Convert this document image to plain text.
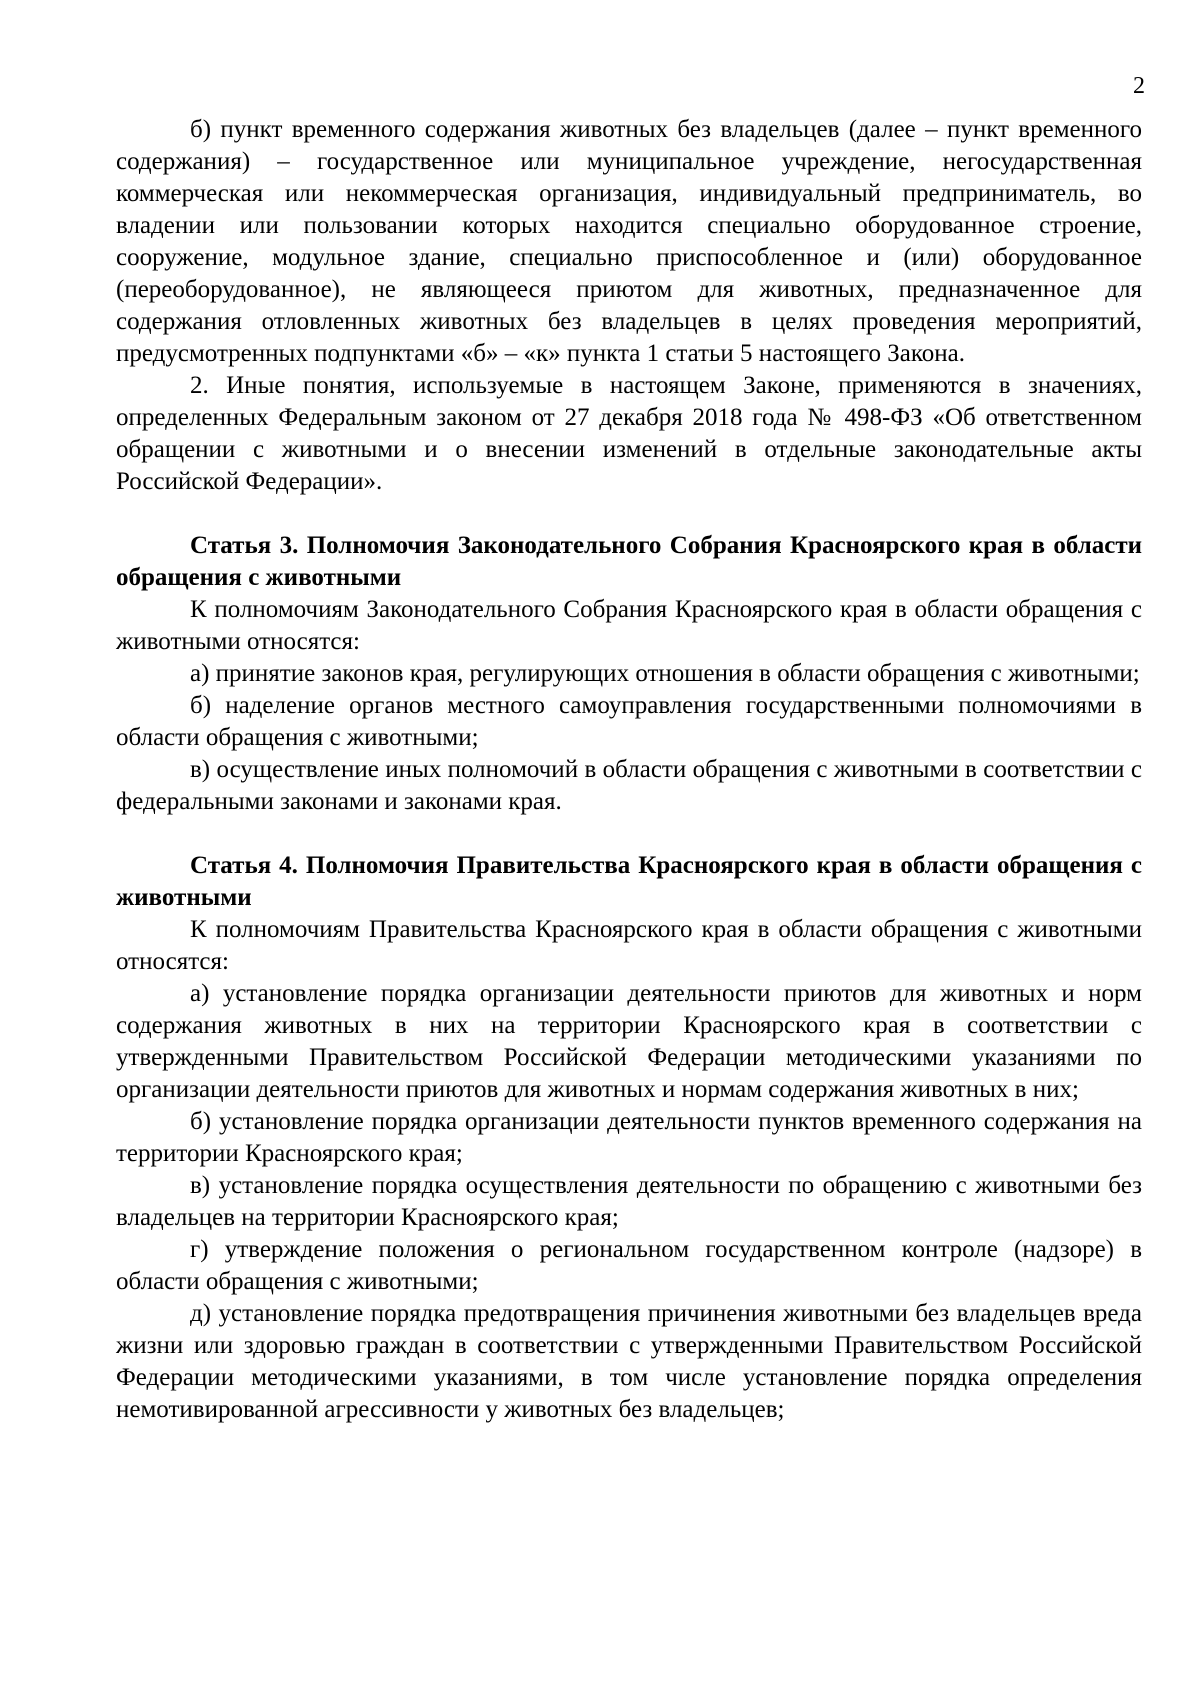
2

б) пункт временного содержания животных без владельцев (далее – пункт временного содержания) – государственное или муниципальное учреждение, негосударственная коммерческая или некоммерческая организация, индивидуальный предприниматель, во владении или пользовании которых находится специально оборудованное строение, сооружение, модульное здание, специально приспособленное и (или) оборудованное (переоборудованное), не являющееся приютом для животных, предназначенное для содержания отловленных животных без владельцев в целях проведения мероприятий, предусмотренных подпунктами «б» – «к» пункта 1 статьи 5 настоящего Закона.

2. Иные понятия, используемые в настоящем Законе, применяются в значениях, определенных Федеральным законом от 27 декабря 2018 года № 498-ФЗ «Об ответственном обращении с животными и о внесении изменений в отдельные законодательные акты Российской Федерации».

Статья 3. Полномочия Законодательного Собрания Красноярского края в области обращения с животными

К полномочиям Законодательного Собрания Красноярского края в области обращения с животными относятся:

а) принятие законов края, регулирующих отношения в области обращения с животными;

б) наделение органов местного самоуправления государственными полномочиями в области обращения с животными;

в) осуществление иных полномочий в области обращения с животными в соответствии с федеральными законами и законами края.

Статья 4. Полномочия Правительства Красноярского края в области обращения с животными

К полномочиям Правительства Красноярского края в области обращения с животными относятся:

а) установление порядка организации деятельности приютов для животных и норм содержания животных в них на территории Красноярского края в соответствии с утвержденными Правительством Российской Федерации методическими указаниями по организации деятельности приютов для животных и нормам содержания животных в них;

б) установление порядка организации деятельности пунктов временного содержания на территории Красноярского края;

в) установление порядка осуществления деятельности по обращению с животными без владельцев на территории Красноярского края;

г) утверждение положения о региональном государственном контроле (надзоре) в области обращения с животными;

д) установление порядка предотвращения причинения животными без владельцев вреда жизни или здоровью граждан в соответствии с утвержденными Правительством Российской Федерации методическими указаниями, в том числе установление порядка определения немотивированной агрессивности у животных без владельцев;
